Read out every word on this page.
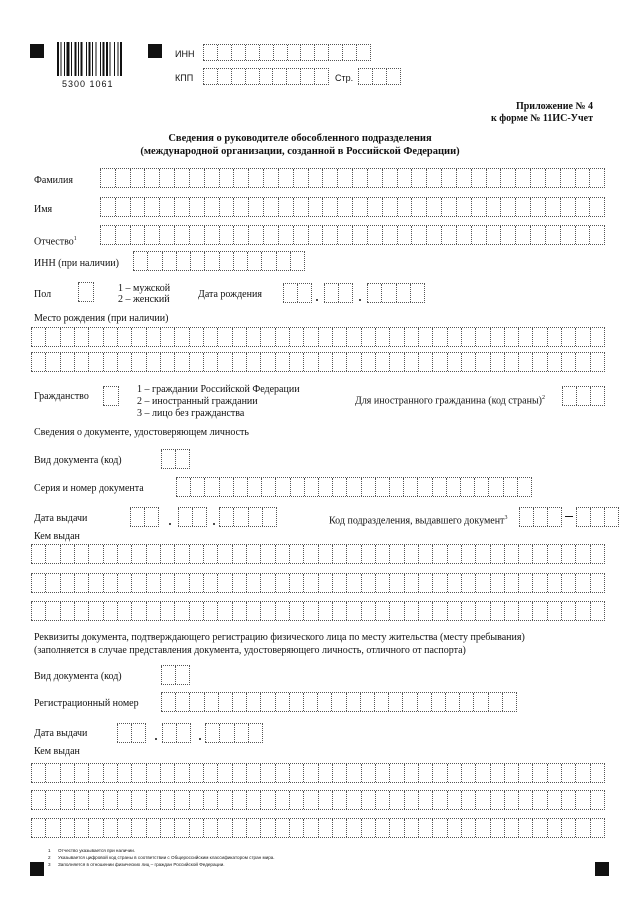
5300 1061
ИНН
КПП	Стр.
Приложение № 4
к форме № 11ИС-Учет
Сведения о руководителе обособленного подразделения
(международной организации, созданной в Российской Федерации)
Фамилия
Имя
Отчество$^1$
ИНН (при наличии)
Пол
1 – мужской
2 – женский	Дата рождения
Место рождения (при наличии)
Гражданство
1 – граждании Российской Федерации
2 – иностранный граждании
3 – лицо без гражданства
Для иностранного гражданина (код страны)$^2$
Сведения о документе, удостоверяющем личность
Вид документа (код)
Серия и номер документа
Дата выдачи	Код подразделения, выдавшего документ$^3$
Кем выдан
Реквизиты документа, подтверждающего регистрацию физического лица по месту жительства (месту пребывания)
(заполняется в случае представления документа, удостоверяющего личность, отличного от паспорта)
Вид документа (код)
Регистрационный номер
Дата выдачи
Кем выдан
1 Отчество указывается при наличии.
2 Указывается цифровой код страны в соответствии с Общероссийским классификатором стран мира.
3 Заполняется в отношении физических лиц – граждан Российской Федерации.
